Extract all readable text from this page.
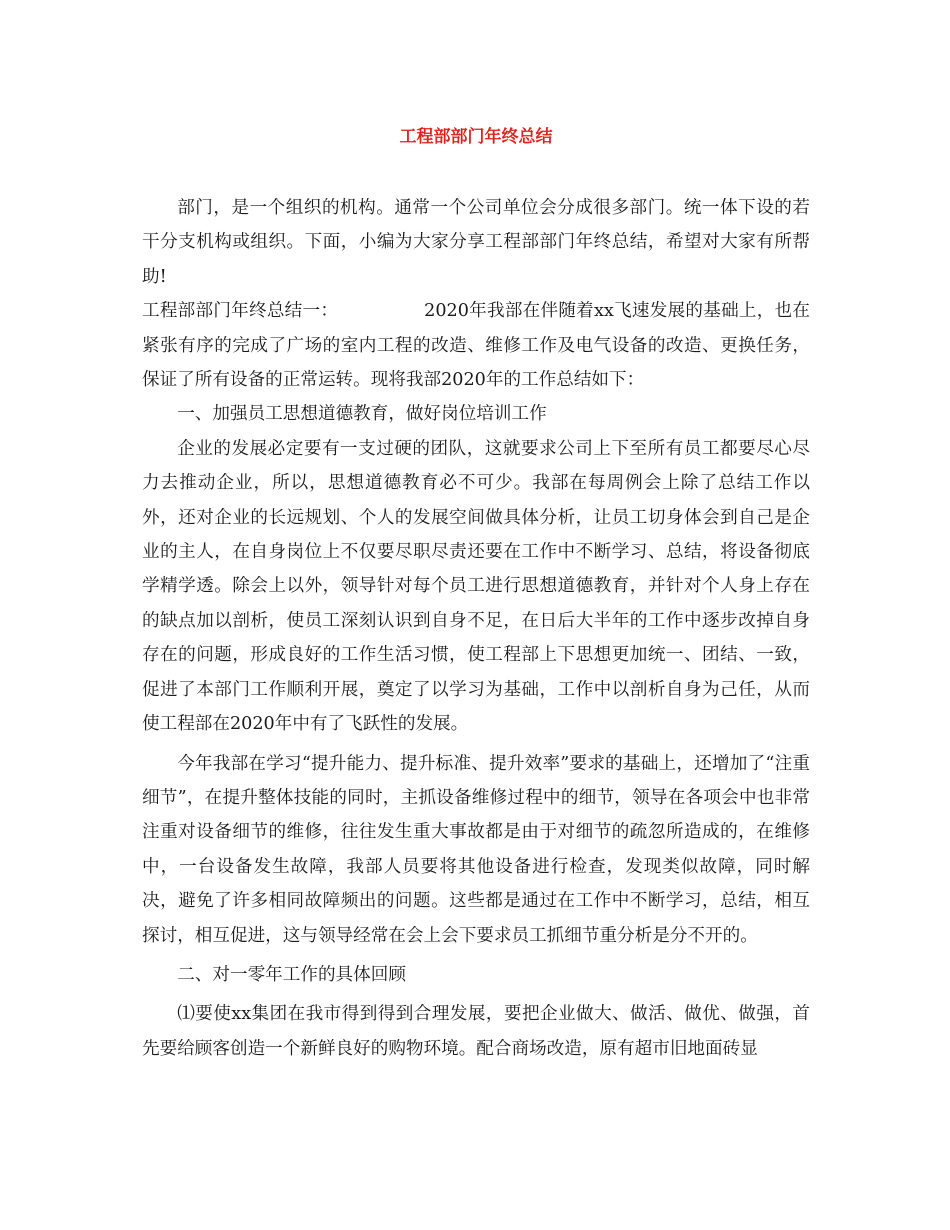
工程部部门年终总结

部门，是一个组织的机构。通常一个公司单位会分成很多部门。统一体下设的若干分支机构或组织。下面，小编为大家分享工程部部门年终总结，希望对大家有所帮助!

工程部部门年终总结一：	2020年我部在伴随着xx飞速发展的基础上，也在紧张有序的完成了广场的室内工程的改造、维修工作及电气设备的改造、更换任务，保证了所有设备的正常运转。现将我部2020年的工作总结如下：

一、加强员工思想道德教育，做好岗位培训工作

企业的发展必定要有一支过硬的团队，这就要求公司上下至所有员工都要尽心尽力去推动企业，所以，思想道德教育必不可少。我部在每周例会上除了总结工作以外，还对企业的长远规划、个人的发展空间做具体分析，让员工切身体会到自己是企业的主人，在自身岗位上不仅要尽职尽责还要在工作中不断学习、总结，将设备彻底学精学透。除会上以外，领导针对每个员工进行思想道德教育，并针对个人身上存在的缺点加以剖析，使员工深刻认识到自身不足，在日后大半年的工作中逐步改掉自身存在的问题，形成良好的工作生活习惯，使工程部上下思想更加统一、团结、一致，促进了本部门工作顺利开展，奠定了以学习为基础，工作中以剖析自身为己任，从而使工程部在2020年中有了飞跃性的发展。

今年我部在学习“提升能力、提升标准、提升效率”要求的基础上，还增加了“注重细节”，在提升整体技能的同时，主抓设备维修过程中的细节，领导在各项会中也非常注重对设备细节的维修，往往发生重大事故都是由于对细节的疏忽所造成的，在维修中，一台设备发生故障，我部人员要将其他设备进行检查，发现类似故障，同时解决，避免了许多相同故障频出的问题。这些都是通过在工作中不断学习，总结，相互探讨，相互促进，这与领导经常在会上会下要求员工抓细节重分析是分不开的。

二、对一零年工作的具体回顾

⑴要使xx集团在我市得到得到合理发展，要把企业做大、做活、做优、做强，首先要给顾客创造一个新鲜良好的购物环境。配合商场改造，原有超市旧地面砖显
